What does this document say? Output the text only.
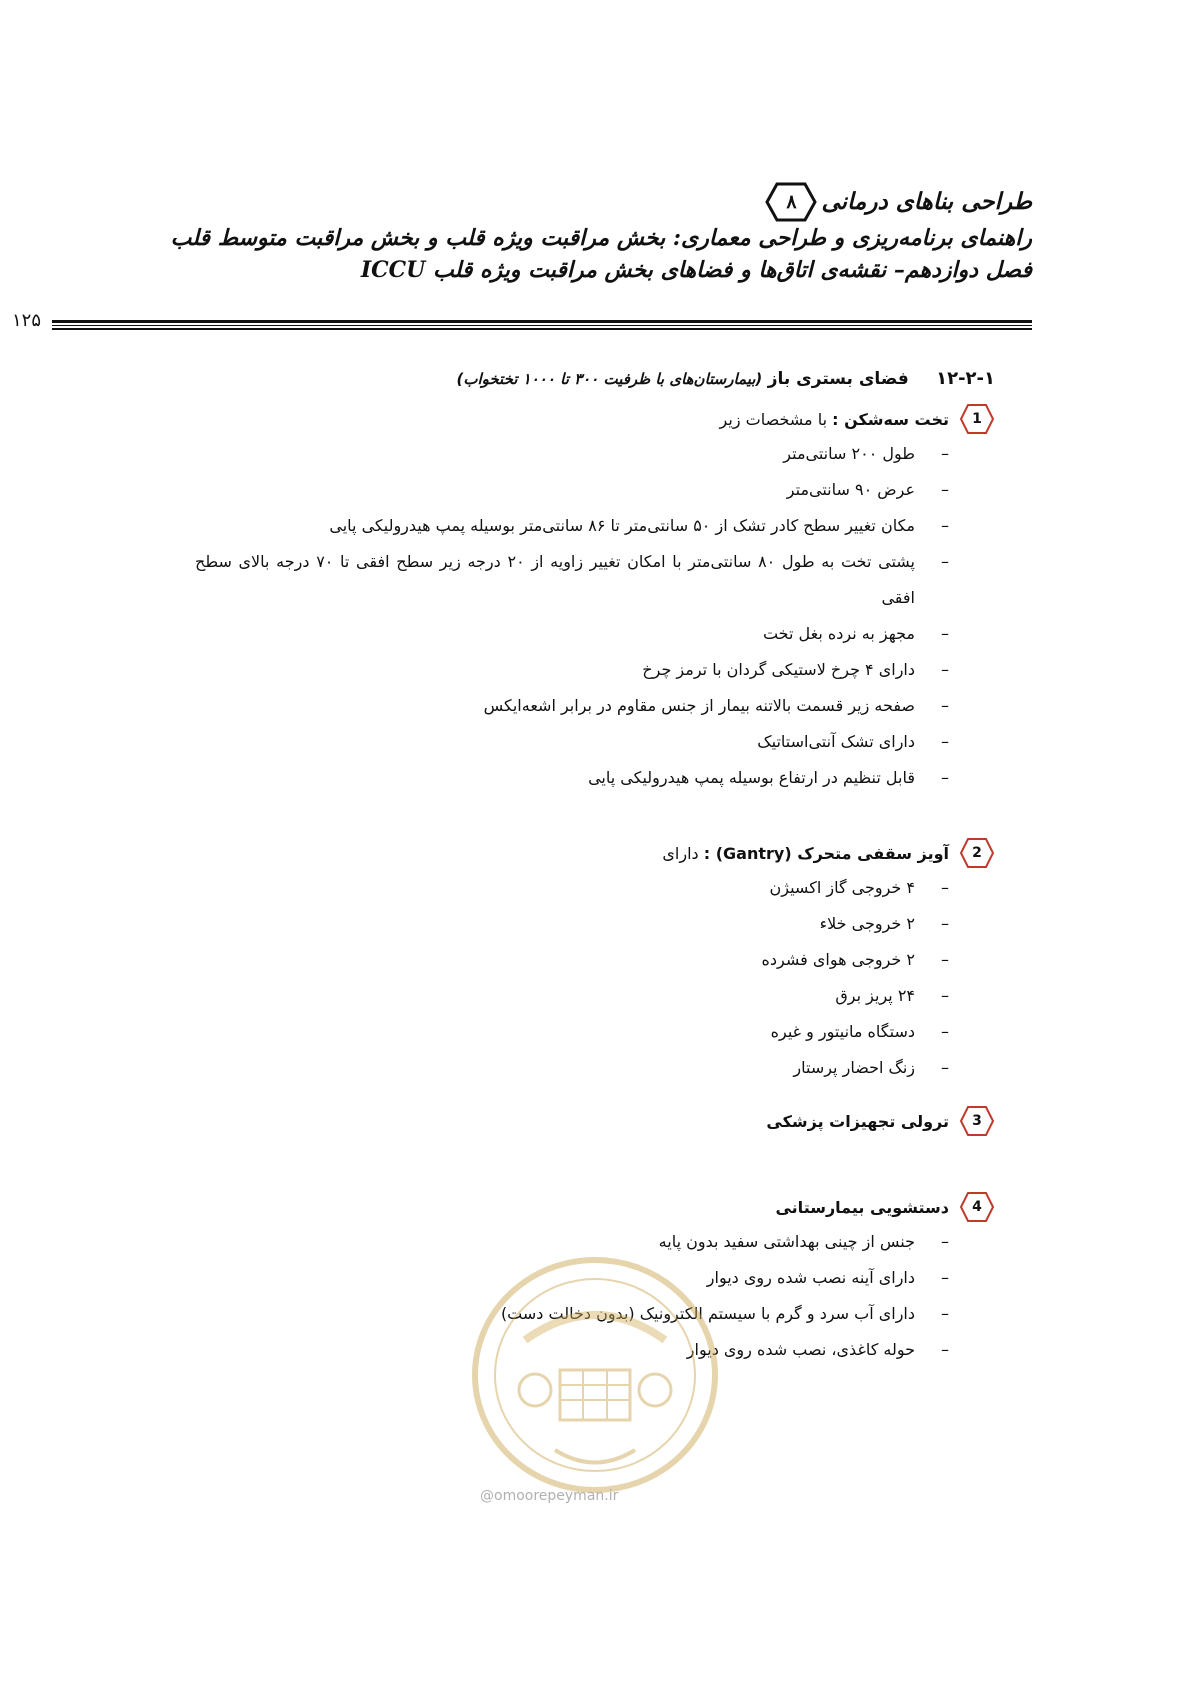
طراحی بناهای درمانی
۸
راهنمای برنامه‌ریزی و طراحی معماری: بخش مراقبت ویژه قلب و بخش مراقبت متوسط قلب
فصل دوازدهم– نقشه‌ی اتاق‌ها و فضاهای بخش مراقبت ویژه قلب ICCU
۱۲۵
۱۲-۲-۱ فضای بستری باز (بیمارستان‌های با ظرفیت ۳۰۰ تا ۱۰۰۰ تختخواب)
1
تخت سه‌شکن : با مشخصات زیر
– طول ۲۰۰ سانتی‌متر
– عرض ۹۰ سانتی‌متر
– مکان تغییر سطح کادر تشک از ۵۰ سانتی‌متر تا ۸۶ سانتی‌متر بوسیله پمپ هیدرولیکی پایی
– پشتی تخت به طول ۸۰ سانتی‌متر با امکان تغییر زاویه از ۲۰ درجه زیر سطح افقی تا ۷۰ درجه بالای سطح افقی
– مجهز به نرده بغل تخت
– دارای ۴ چرخ لاستیکی گردان با ترمز چرخ
– صفحه زیر قسمت بالاتنه بیمار از جنس مقاوم در برابر اشعه‌ایکس
– دارای تشک آنتی‌استاتیک
– قابل تنظیم در ارتفاع بوسیله پمپ هیدرولیکی پایی
2
آویز سقفی متحرک (Gantry) : دارای
– ۴ خروجی گاز اکسیژن
– ۲ خروجی خلاء
– ۲ خروجی هوای فشرده
– ۲۴ پریز برق
– دستگاه مانیتور و غیره
– زنگ احضار پرستار
3
ترولی تجهیزات پزشکی
4
دستشویی بیمارستانی
– جنس از چینی بهداشتی سفید بدون پایه
– دارای آینه نصب شده روی دیوار
– دارای آب سرد و گرم با سیستم الکترونیک (بدون دخالت دست)
– حوله کاغذی، نصب شده روی دیوار
@omoorepeyman.ir
